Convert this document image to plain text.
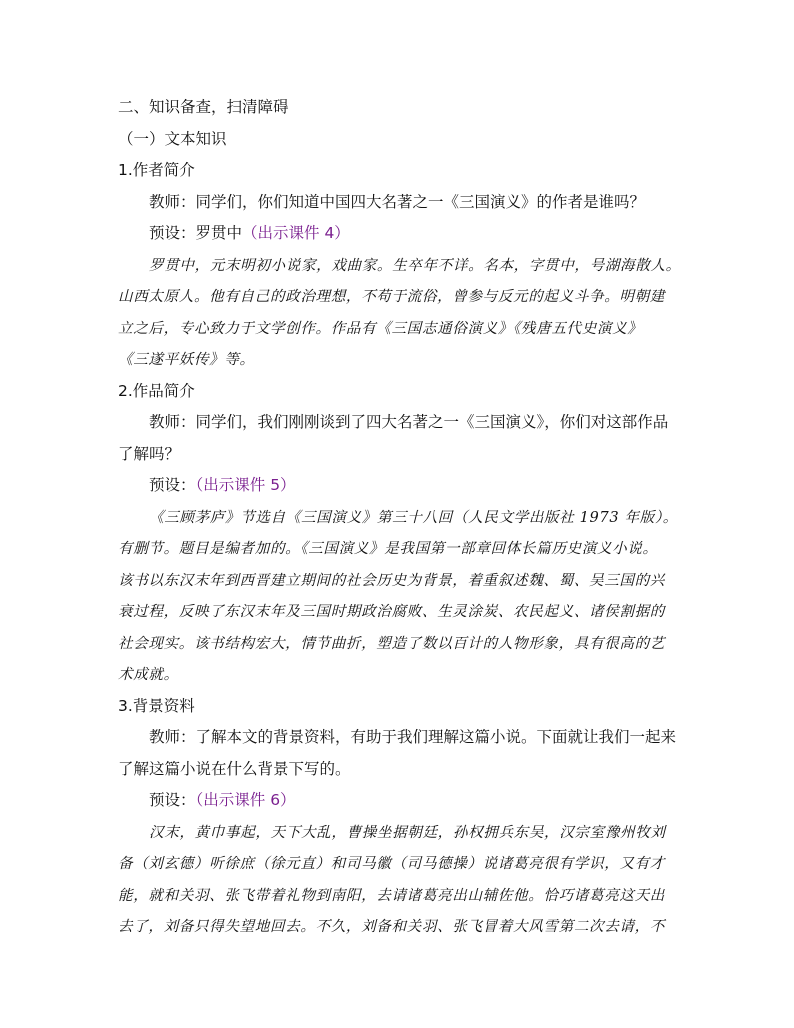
二、知识备查，扫清障碍
（一）文本知识
1.作者简介
教师：同学们，你们知道中国四大名著之一《三国演义》的作者是谁吗？
预设：罗贯中（出示课件 4）
罗贯中，元末明初小说家，戏曲家。生卒年不详。名本，字贯中，号湖海散人。
山西太原人。他有自己的政治理想，不苟于流俗，曾参与反元的起义斗争。明朝建
立之后，专心致力于文学创作。作品有《三国志通俗演义》《残唐五代史演义》
《三遂平妖传》等。
2.作品简介
教师：同学们，我们刚刚谈到了四大名著之一《三国演义》，你们对这部作品
了解吗？
预设：（出示课件 5）
《三顾茅庐》节选自《三国演义》第三十八回（人民文学出版社 1973 年版）。
有删节。题目是编者加的。《三国演义》是我国第一部章回体长篇历史演义小说。
该书以东汉末年到西晋建立期间的社会历史为背景，着重叙述魏、蜀、吴三国的兴
衰过程，反映了东汉末年及三国时期政治腐败、生灵涂炭、农民起义、诸侯割据的
社会现实。该书结构宏大，情节曲折，塑造了数以百计的人物形象，具有很高的艺
术成就。
3.背景资料
教师：了解本文的背景资料，有助于我们理解这篇小说。下面就让我们一起来
了解这篇小说在什么背景下写的。
预设：（出示课件 6）
汉末，黄巾事起，天下大乱，曹操坐据朝廷，孙权拥兵东吴，汉宗室豫州牧刘
备（刘玄德）听徐庶（徐元直）和司马徽（司马德操）说诸葛亮很有学识，又有才
能，就和关羽、张飞带着礼物到南阳，去请诸葛亮出山辅佐他。恰巧诸葛亮这天出
去了，刘备只得失望地回去。不久，刘备和关羽、张飞冒着大风雪第二次去请，不
